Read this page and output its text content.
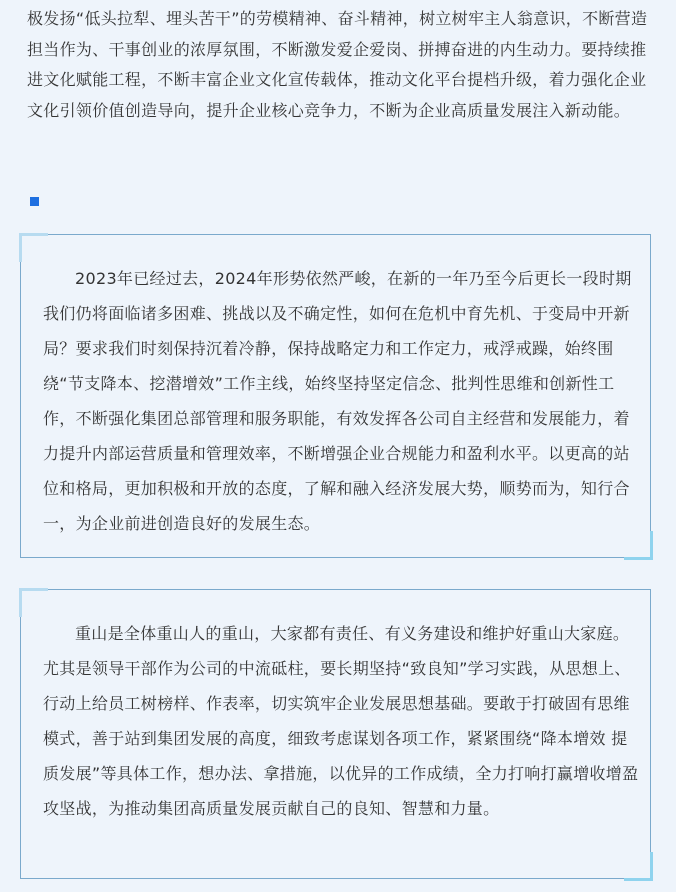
极发扬“低头拉犁、埋头苦干”的劳模精神、奋斗精神，树立树牢主人翁意识，不断营造担当作为、干事创业的浓厚氛围，不断激发爱企爱岗、拼搏奋进的内生动力。要持续推进文化赋能工程，不断丰富企业文化宣传载体，推动文化平台提档升级，着力强化企业文化引领价值创造导向，提升企业核心竞争力，不断为企业高质量发展注入新动能。

2023年已经过去，2024年形势依然严峻，在新的一年乃至今后更长一段时期我们仍将面临诸多困难、挑战以及不确定性，如何在危机中育先机、于变局中开新局？要求我们时刻保持沉着冷静，保持战略定力和工作定力，戒浮戒躁，始终围绕“节支降本、挖潜增效”工作主线，始终坚持坚定信念、批判性思维和创新性工作，不断强化集团总部管理和服务职能，有效发挥各公司自主经营和发展能力，着力提升内部运营质量和管理效率，不断增强企业合规能力和盈利水平。以更高的站位和格局，更加积极和开放的态度，了解和融入经济发展大势，顺势而为，知行合一，为企业前进创造良好的发展生态。

重山是全体重山人的重山，大家都有责任、有义务建设和维护好重山大家庭。尤其是领导干部作为公司的中流砥柱，要长期坚持“致良知”学习实践，从思想上、行动上给员工树榜样、作表率，切实筑牢企业发展思想基础。要敢于打破固有思维模式，善于站到集团发展的高度，细致考虑谋划各项工作，紧紧围绕“降本增效 提质发展”等具体工作，想办法、拿措施，以优异的工作成绩，全力打响打赢增收增盈攻坚战，为推动集团高质量发展贡献自己的良知、智慧和力量。
